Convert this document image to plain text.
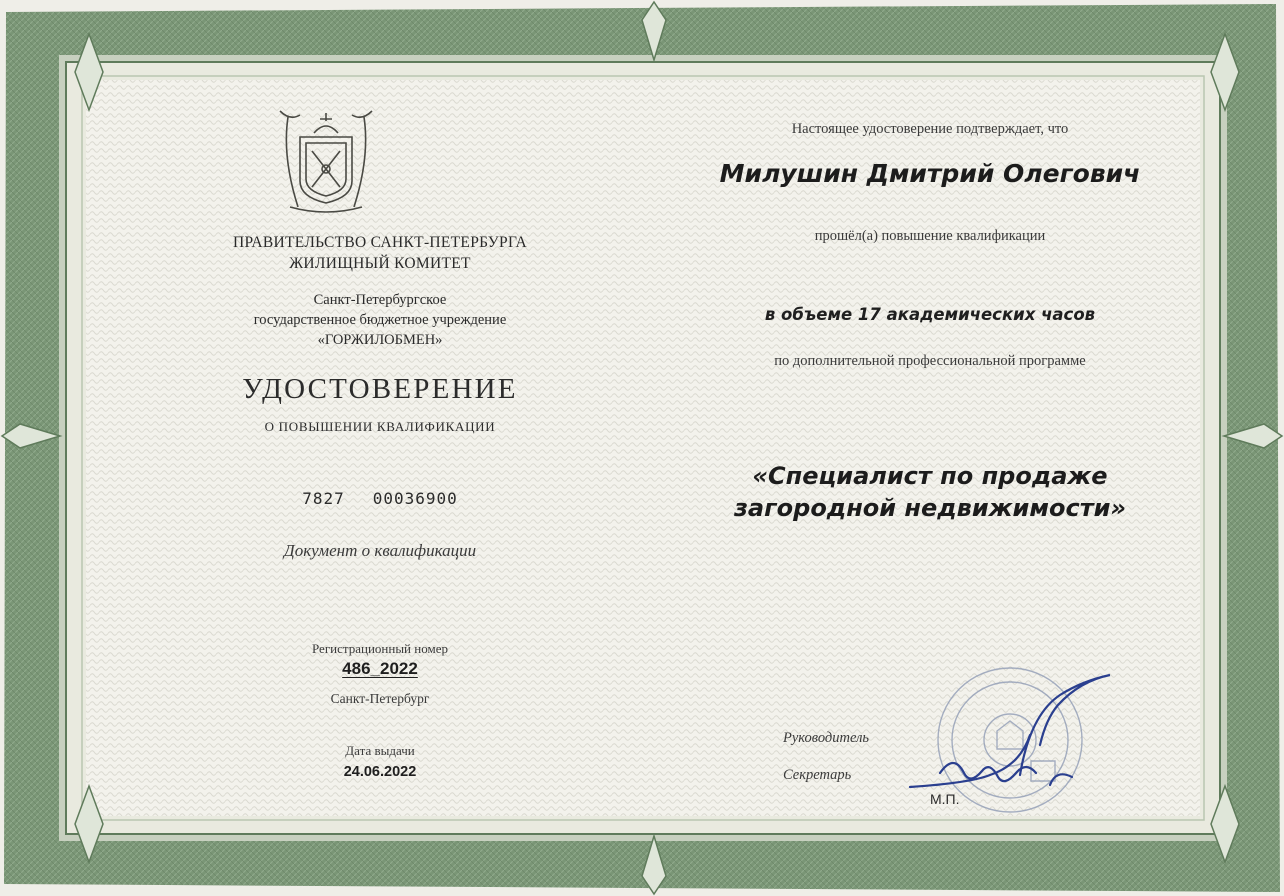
ПРАВИТЕЛЬСТВО САНКТ-ПЕТЕРБУРГА
ЖИЛИЩНЫЙ КОМИТЕТ
Санкт-Петербургское
государственное бюджетное учреждение
«ГОРЖИЛОБМЕН»
УДОСТОВЕРЕНИЕ
О ПОВЫШЕНИИ КВАЛИФИКАЦИИ
7827 00036900
Документ о квалификации
Регистрационный номер
486_2022
Санкт-Петербург
Дата выдачи
24.06.2022
Настоящее удостоверение подтверждает, что
Милушин Дмитрий Олегович
прошёл(а) повышение квалификации
в объеме 17 академических часов
по дополнительной профессиональной программе
«Специалист по продаже
загородной недвижимости»
Руководитель
Секретарь
М.П.
